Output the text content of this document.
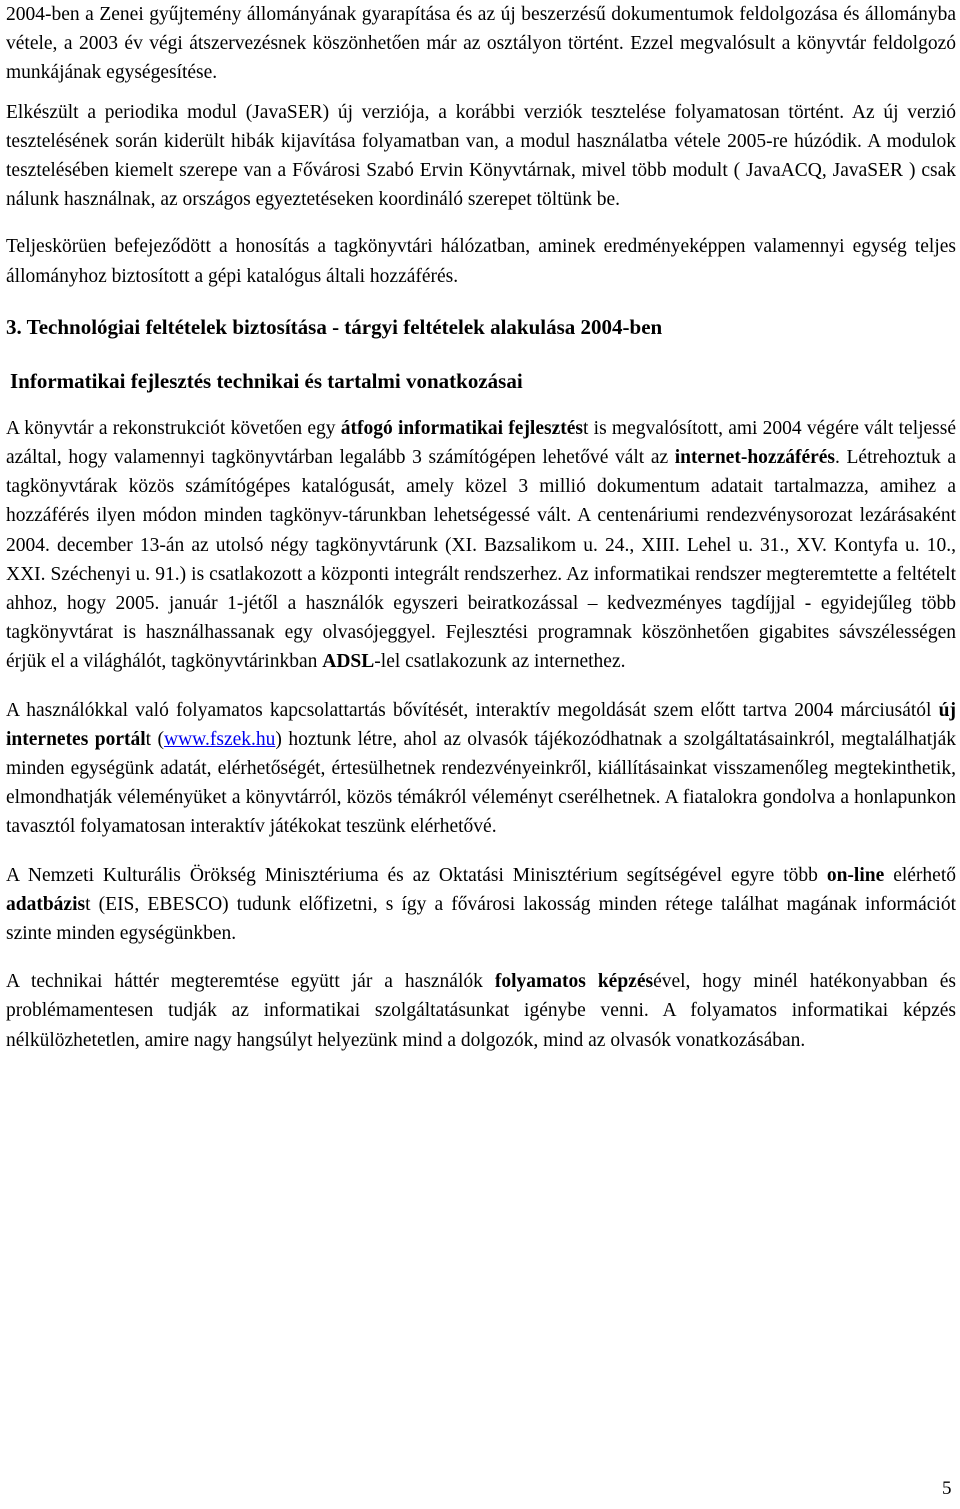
2004-ben a Zenei gyűjtemény állományának gyarapítása és az új beszerzésű dokumentumok feldolgozása és állományba vétele, a 2003 év végi átszervezésnek köszönhetően már az osztályon történt. Ezzel megvalósult a könyvtár feldolgozó munkájának egységesítése.

Elkészült a periodika modul (JavaSER) új verziója, a korábbi verziók tesztelése folyamatosan történt. Az új verzió tesztelésének során kiderült hibák kijavítása folyamatban van, a modul használatba vétele 2005-re húzódik. A modulok tesztelésében kiemelt szerepe van a Fővárosi Szabó Ervin Könyvtárnak, mivel több modult ( JavaACQ, JavaSER ) csak nálunk használnak, az országos egyeztetéseken koordináló szerepet töltünk be.

Teljeskörüen befejeződött a honosítás a tagkönyvtári hálózatban, aminek eredményeképpen valamennyi egység teljes állományhoz biztosított a gépi katalógus általi hozzáférés.

3. Technológiai feltételek biztosítása - tárgyi feltételek alakulása 2004-ben
Informatikai fejlesztés technikai és tartalmi vonatkozásai

A könyvtár a rekonstrukciót követően egy átfogó informatikai fejlesztést is megvalósított, ami 2004 végére vált teljessé azáltal, hogy valamennyi tagkönyvtárban legalább 3 számítógépen lehetővé vált az internet-hozzáférés. Létrehoztuk a tagkönyvtárak közös számítógépes katalógusát, amely közel 3 millió dokumentum adatait tartalmazza, amihez a hozzáférés ilyen módon minden tagkönyv-tárunkban lehetségessé vált. A centenáriumi rendezvénysorozat lezárásaként 2004. december 13-án az utolsó négy tagkönyvtárunk (XI. Bazsalikom u. 24., XIII. Lehel u. 31., XV. Kontyfa u. 10., XXI. Széchenyi u. 91.) is csatlakozott a központi integrált rendszerhez. Az informatikai rendszer megteremtette a feltételt ahhoz, hogy 2005. január 1-jétől a használók egyszeri beiratkozással – kedvezményes tagdíjjal - egyidejűleg több tagkönyvtárat is használhassanak egy olvasójeggyel. Fejlesztési programnak köszönhetően gigabites sávszélességen érjük el a világhálót, tagkönyvtárinkban ADSL-lel csatlakozunk az internethez.

A használókkal való folyamatos kapcsolattartás bővítését, interaktív megoldását szem előtt tartva 2004 márciusától új internetes portált (www.fszek.hu) hoztunk létre, ahol az olvasók tájékozódhatnak a szolgáltatásainkról, megtalálhatják minden egységünk adatát, elérhetőségét, értesülhetnek rendezvényeinkről, kiállításainkat visszamenőleg megtekinthetik, elmondhatják véleményüket a könyvtárról, közös témákról véleményt cserélhetnek. A fiatalokra gondolva a honlapunkon tavasztól folyamatosan interaktív játékokat teszünk elérhetővé.

A Nemzeti Kulturális Örökség Minisztériuma és az Oktatási Minisztérium segítségével egyre több on-line elérhető adatbázist (EIS, EBESCO) tudunk előfizetni, s így a fővárosi lakosság minden rétege találhat magának információt szinte minden egységünkben.

A technikai háttér megteremtése együtt jár a használók folyamatos képzésével, hogy minél hatékonyabban és problémamentesen tudják az informatikai szolgáltatásunkat igénybe venni. A folyamatos informatikai képzés nélkülözhetetlen, amire nagy hangsúlyt helyezünk mind a dolgozók, mind az olvasók vonatkozásában.

5
